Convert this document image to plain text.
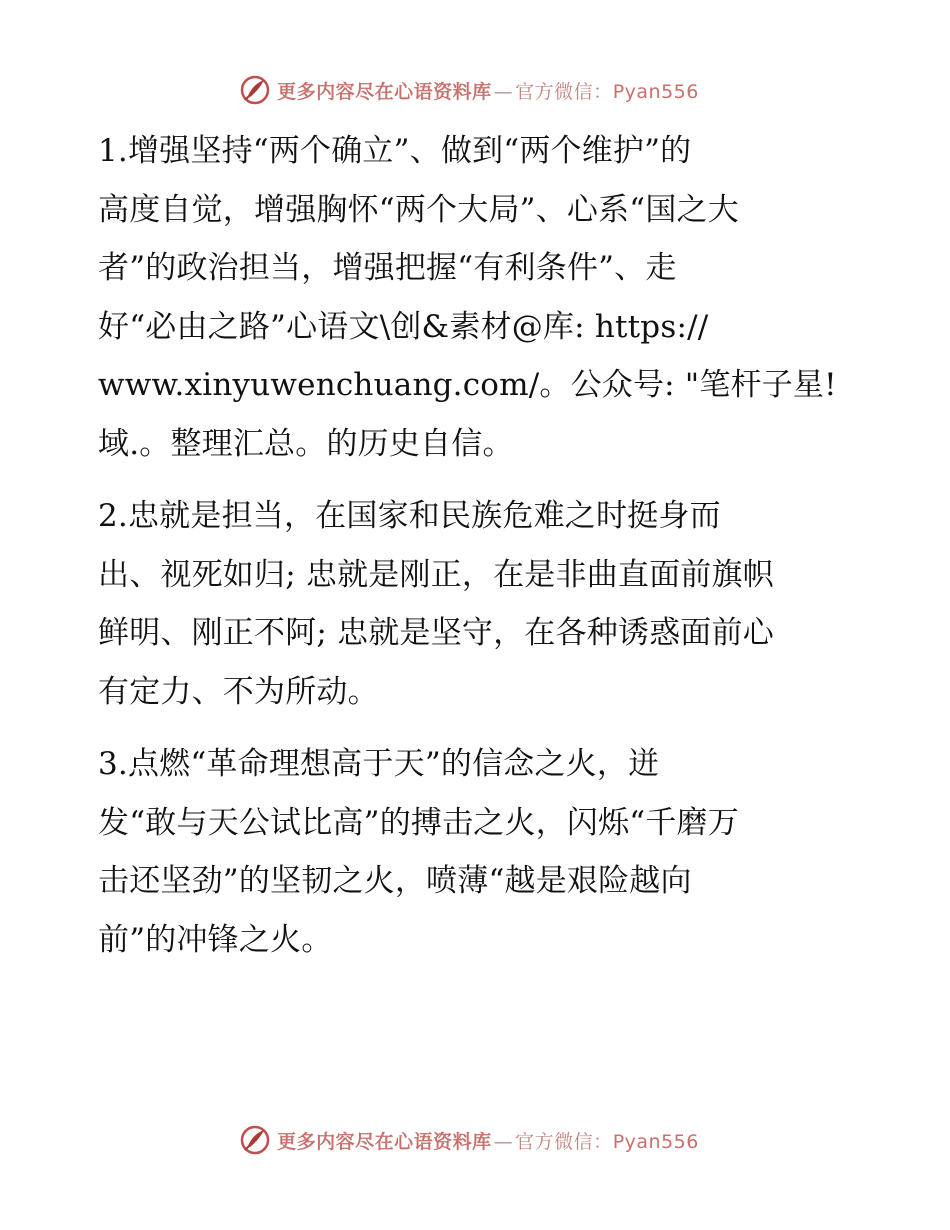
更多内容尽在心语资料库 — 官方微信：Pyan556

1.增强坚持“两个确立”、做到“两个维护”的
高度自觉，增强胸怀“两个大局”、心系“国之大
者”的政治担当，增强把握“有利条件”、走
好“必由之路”心语文\创&素材@库: https://
www.xinyuwenchuang.com/。公众号: "笔杆子星!
域.。整理汇总。的历史自信。

2.忠就是担当，在国家和民族危难之时挺身而
出、视死如归; 忠就是刚正，在是非曲直面前旗帜
鲜明、刚正不阿; 忠就是坚守，在各种诱惑面前心
有定力、不为所动。

3.点燃“革命理想高于天”的信念之火，迸
发“敢与天公试比高”的搏击之火，闪烁“千磨万
击还坚劲”的坚韧之火，喷薄“越是艰险越向
前”的冲锋之火。

更多内容尽在心语资料库 — 官方微信：Pyan556
